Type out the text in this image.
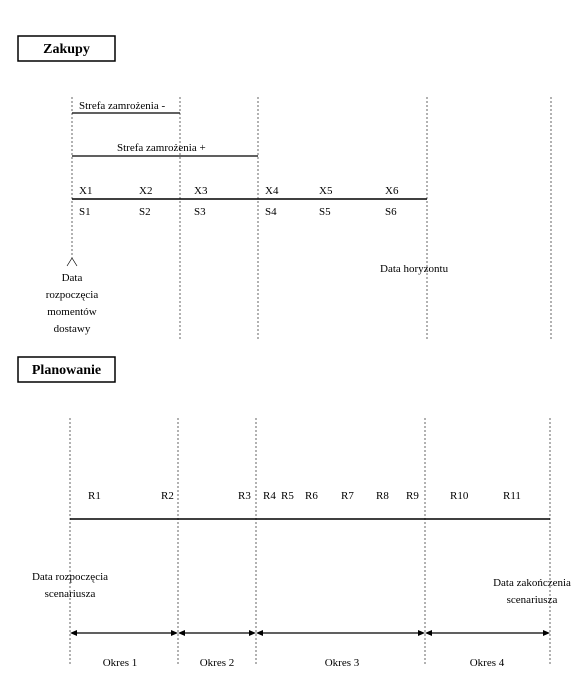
Zakupy
Strefa zamrożenia -
Strefa zamrożenia +
X1	X2	X3	X4	X5	X6
S1	S2	S3	S4	S5	S6
Data
rozpoczęcia
momentów
dostawy
Data horyzontu
Planowanie
R1	R2	R3 R4 R5 R6 R7 R8 R9	R10	R11
Data rozpoczęcia
scenariusza
Data zakończenia
scenariusza
Okres 1	Okres 2	Okres 3	Okres 4
